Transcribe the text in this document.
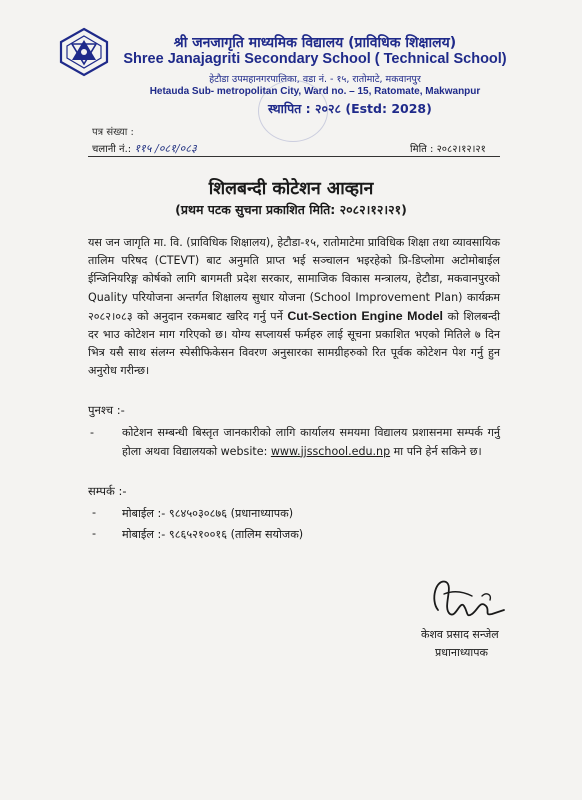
श्री जनजागृति माध्यमिक विद्यालय (प्राविधिक शिक्षालय)
Shree Janajagriti Secondary School ( Technical School)
हेटौडा उपमहानगरपालिका, वडा नं. - १५, रातोमाटे, मकवानपुर
Hetauda Sub- metropolitan City, Ward no. – 15, Ratomate, Makwanpur
स्थापित : २०२८ (Estd: 2028)
पत्र संख्या :
चलानी नं.: ११५ /०८१/०८३	मिति : २०८२।१२।२१
शिलबन्दी कोटेशन आव्हान
(प्रथम पटक सुचना प्रकाशित मिति: २०८२।१२।२१)

यस जन जागृति मा. वि. (प्राविधिक शिक्षालय), हेटौडा-१५, रातोमाटेमा प्राविधिक शिक्षा तथा व्यावसायिक तालिम परिषद (CTEVT) बाट अनुमति प्राप्त भई सञ्चालन भइरहेको प्रि-डिप्लोमा अटोमोबाईल ईन्जिनियरिङ्ग कोर्षको लागि बागमती प्रदेश सरकार, सामाजिक विकास मन्त्रालय, हेटौडा, मकवानपुरको Quality परियोजना अन्तर्गत शिक्षालय सुधार योजना (School Improvement Plan) कार्यक्रम २०८२।०८३ को अनुदान रकमबाट खरिद गर्नु पर्ने Cut-Section Engine Model को शिलबन्दी दर भाउ कोटेशन माग गरिएको छ। योग्य सप्लायर्स फर्महरु लाई सूचना प्रकाशित भएको मितिले ७ दिन भित्र यसै साथ संलग्न स्पेसीफिकेसन विवरण अनुसारका सामग्रीहरुको रित पूर्वक कोटेशन पेश गर्नु हुन अनुरोध गरीन्छ।

पुनश्च :-
-	कोटेशन सम्बन्धी बिस्तृत जानकारीको लागि कार्यालय समयमा विद्यालय प्रशासनमा सम्पर्क गर्नु होला अथवा विद्यालयको website: www.jjsschool.edu.np मा पनि हेर्न सकिने छ।

सम्पर्क :-
- मोबाईल :- ९८४५०३०८७६ (प्रधानाध्यापक)
- मोबाईल :- ९८६५२१००१६ (तालिम सयोजक)
केशव प्रसाद सन्जेल
प्रधानाध्यापक
